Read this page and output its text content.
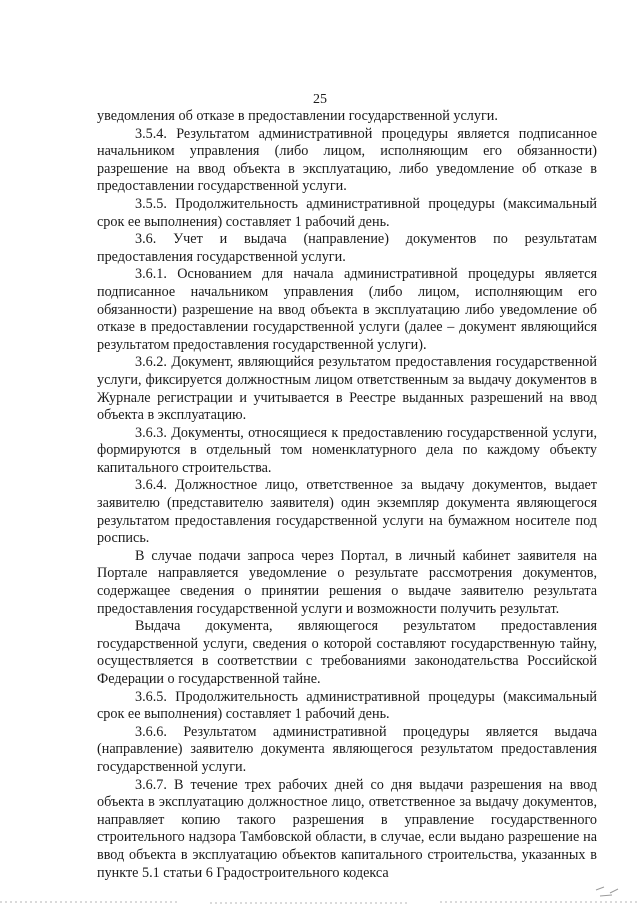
25

уведомления об отказе в предоставлении государственной услуги.

3.5.4. Результатом административной процедуры является подписанное начальником управления (либо лицом, исполняющим его обязанности) разрешение на ввод объекта в эксплуатацию, либо уведомление об отказе в предоставлении государственной услуги.

3.5.5. Продолжительность административной процедуры (максимальный срок ее выполнения) составляет 1 рабочий день.

3.6. Учет и выдача (направление) документов по результатам предоставления государственной услуги.

3.6.1. Основанием для начала административной процедуры является подписанное начальником управления (либо лицом, исполняющим его обязанности) разрешение на ввод объекта в эксплуатацию либо уведомление об отказе в предоставлении государственной услуги (далее – документ являющийся результатом предоставления государственной услуги).

3.6.2. Документ, являющийся результатом предоставления государственной услуги, фиксируется должностным лицом ответственным за выдачу документов в Журнале регистрации и учитывается в Реестре выданных разрешений на ввод объекта в эксплуатацию.

3.6.3. Документы, относящиеся к предоставлению государственной услуги, формируются в отдельный том номенклатурного дела по каждому объекту капитального строительства.

3.6.4. Должностное лицо, ответственное за выдачу документов, выдает заявителю (представителю заявителя) один экземпляр документа являющегося результатом предоставления государственной услуги на бумажном носителе под роспись.

В случае подачи запроса через Портал, в личный кабинет заявителя на Портале направляется уведомление о результате рассмотрения документов, содержащее сведения о принятии решения о выдаче заявителю результата предоставления государственной услуги и возможности получить результат.

Выдача документа, являющегося результатом предоставления государственной услуги, сведения о которой составляют государственную тайну, осуществляется в соответствии с требованиями законодательства Российской Федерации о государственной тайне.

3.6.5. Продолжительность административной процедуры (максимальный срок ее выполнения) составляет 1 рабочий день.

3.6.6. Результатом административной процедуры является выдача (направление) заявителю документа являющегося результатом предоставления государственной услуги.

3.6.7. В течение трех рабочих дней со дня выдачи разрешения на ввод объекта в эксплуатацию должностное лицо, ответственное за выдачу документов, направляет копию такого разрешения в управление государственного строительного надзора Тамбовской области, в случае, если выдано разрешение на ввод объекта в эксплуатацию объектов капитального строительства, указанных в пункте 5.1 статьи 6 Градостроительного кодекса
